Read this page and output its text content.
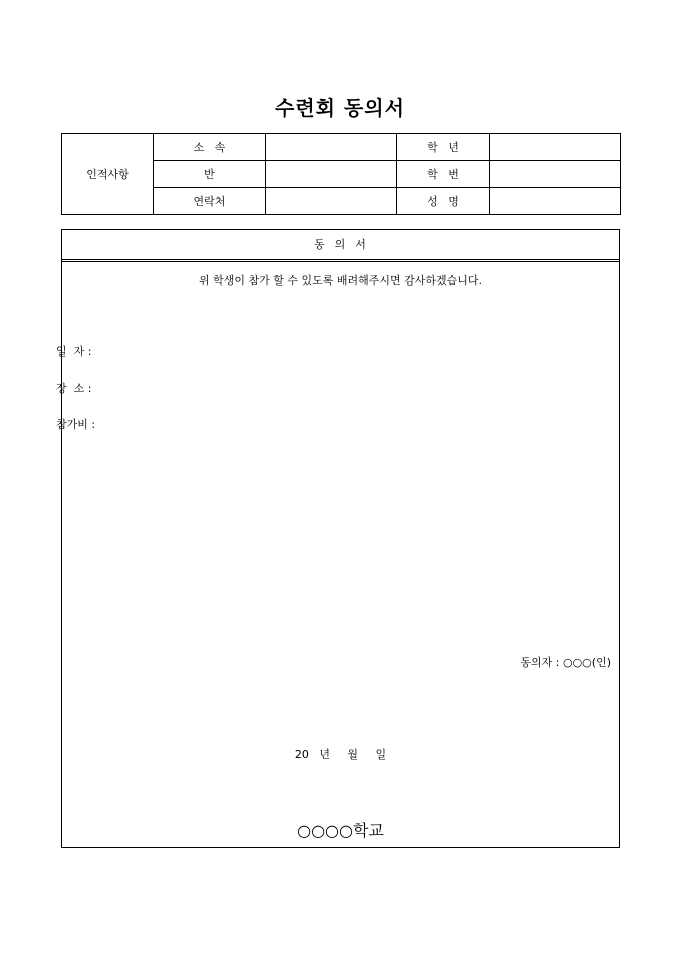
수련회 동의서
인적사항	소   속		학   년	
	반		학   번	
	연락처		성   명	
동  의  서
위 학생이 참가 할 수 있도록 배려해주시면 감사하겠습니다.
일  자 :
장  소 :
참가비 :
동의자 : ○○○(인)
20   년     월     일
○○○○학교
